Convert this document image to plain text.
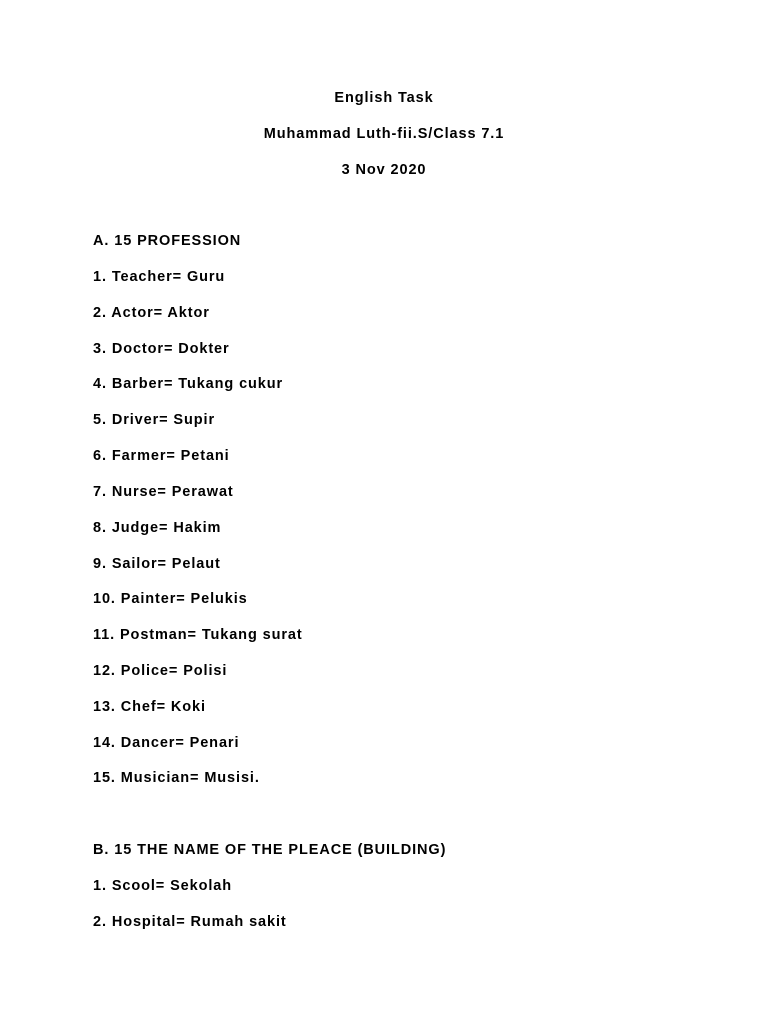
English Task
Muhammad Luth-fii.S/Class 7.1
3 Nov 2020
A. 15 PROFESSION
1. Teacher= Guru
2. Actor= Aktor
3. Doctor= Dokter
4. Barber= Tukang cukur
5. Driver= Supir
6. Farmer= Petani
7. Nurse= Perawat
8. Judge= Hakim
9. Sailor= Pelaut
10. Painter= Pelukis
11. Postman= Tukang surat
12. Police= Polisi
13. Chef= Koki
14. Dancer= Penari
15. Musician= Musisi.
B. 15 THE NAME OF THE PLEACE (BUILDING)
1. Scool= Sekolah
2. Hospital= Rumah sakit
